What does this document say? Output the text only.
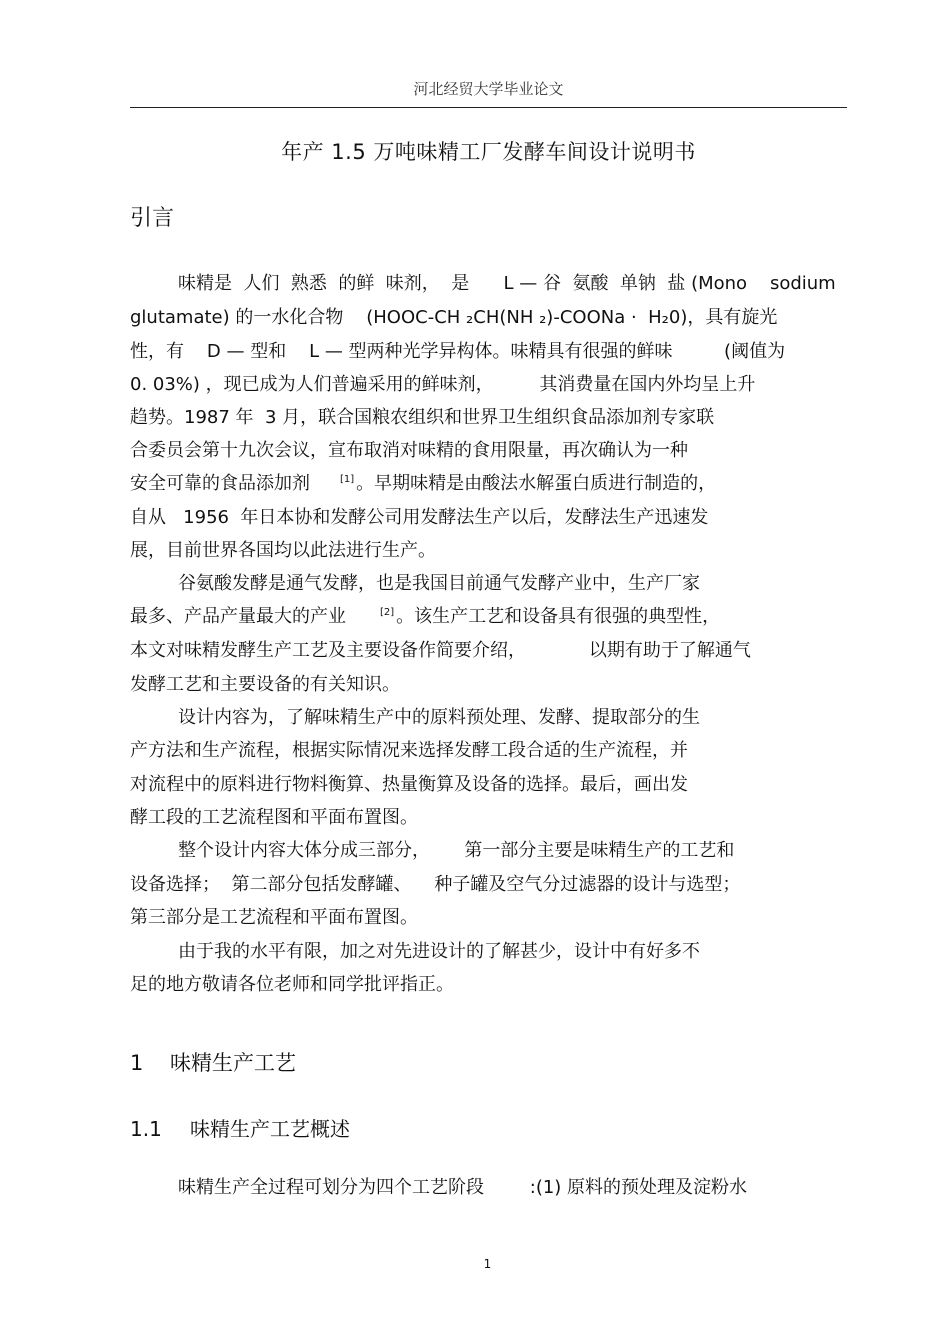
河北经贸大学毕业论文
年产 1.5 万吨味精工厂发酵车间设计说明书
引言
味精是  人们  熟悉  的鲜  味剂，  是      L — 谷  氨酸  单钠  盐 (Mono    sodium
glutamate) 的一水化合物    (HOOC-CH ₂CH(NH ₂)-COONa ·  H₂0)，具有旋光
性，有    D — 型和    L — 型两种光学异构体。味精具有很强的鲜味         (阈值为
0. 03%) ，现已成为人们普遍采用的鲜味剂，        其消费量在国内外均呈上升
趋势。1987 年  3 月，联合国粮农组织和世界卫生组织食品添加剂专家联
合委员会第十九次会议，宣布取消对味精的食用限量，再次确认为一种
安全可靠的食品添加剂	[1] 。早期味精是由酸法水解蛋白质进行制造的，
自从   1956  年日本协和发酵公司用发酵法生产以后，发酵法生产迅速发
展，目前世界各国均以此法进行生产。
谷氨酸发酵是通气发酵，也是我国目前通气发酵产业中，生产厂家
最多、产品产量最大的产业	[2] 。该生产工艺和设备具有很强的典型性，
本文对味精发酵生产工艺及主要设备作简要介绍，           以期有助于了解通气
发酵工艺和主要设备的有关知识。
设计内容为，了解味精生产中的原料预处理、发酵、提取部分的生
产方法和生产流程，根据实际情况来选择发酵工段合适的生产流程，并
对流程中的原料进行物料衡算、热量衡算及设备的选择。最后，画出发
酵工段的工艺流程图和平面布置图。
整个设计内容大体分成三部分，      第一部分主要是味精生产的工艺和
设备选择；  第二部分包括发酵罐、    种子罐及空气分过滤器的设计与选型；
第三部分是工艺流程和平面布置图。
由于我的水平有限，加之对先进设计的了解甚少，设计中有好多不
足的地方敬请各位老师和同学批评指正。
1 味精生产工艺
1.1 味精生产工艺概述
味精生产全过程可划分为四个工艺阶段        :(1) 原料的预处理及淀粉水
1
